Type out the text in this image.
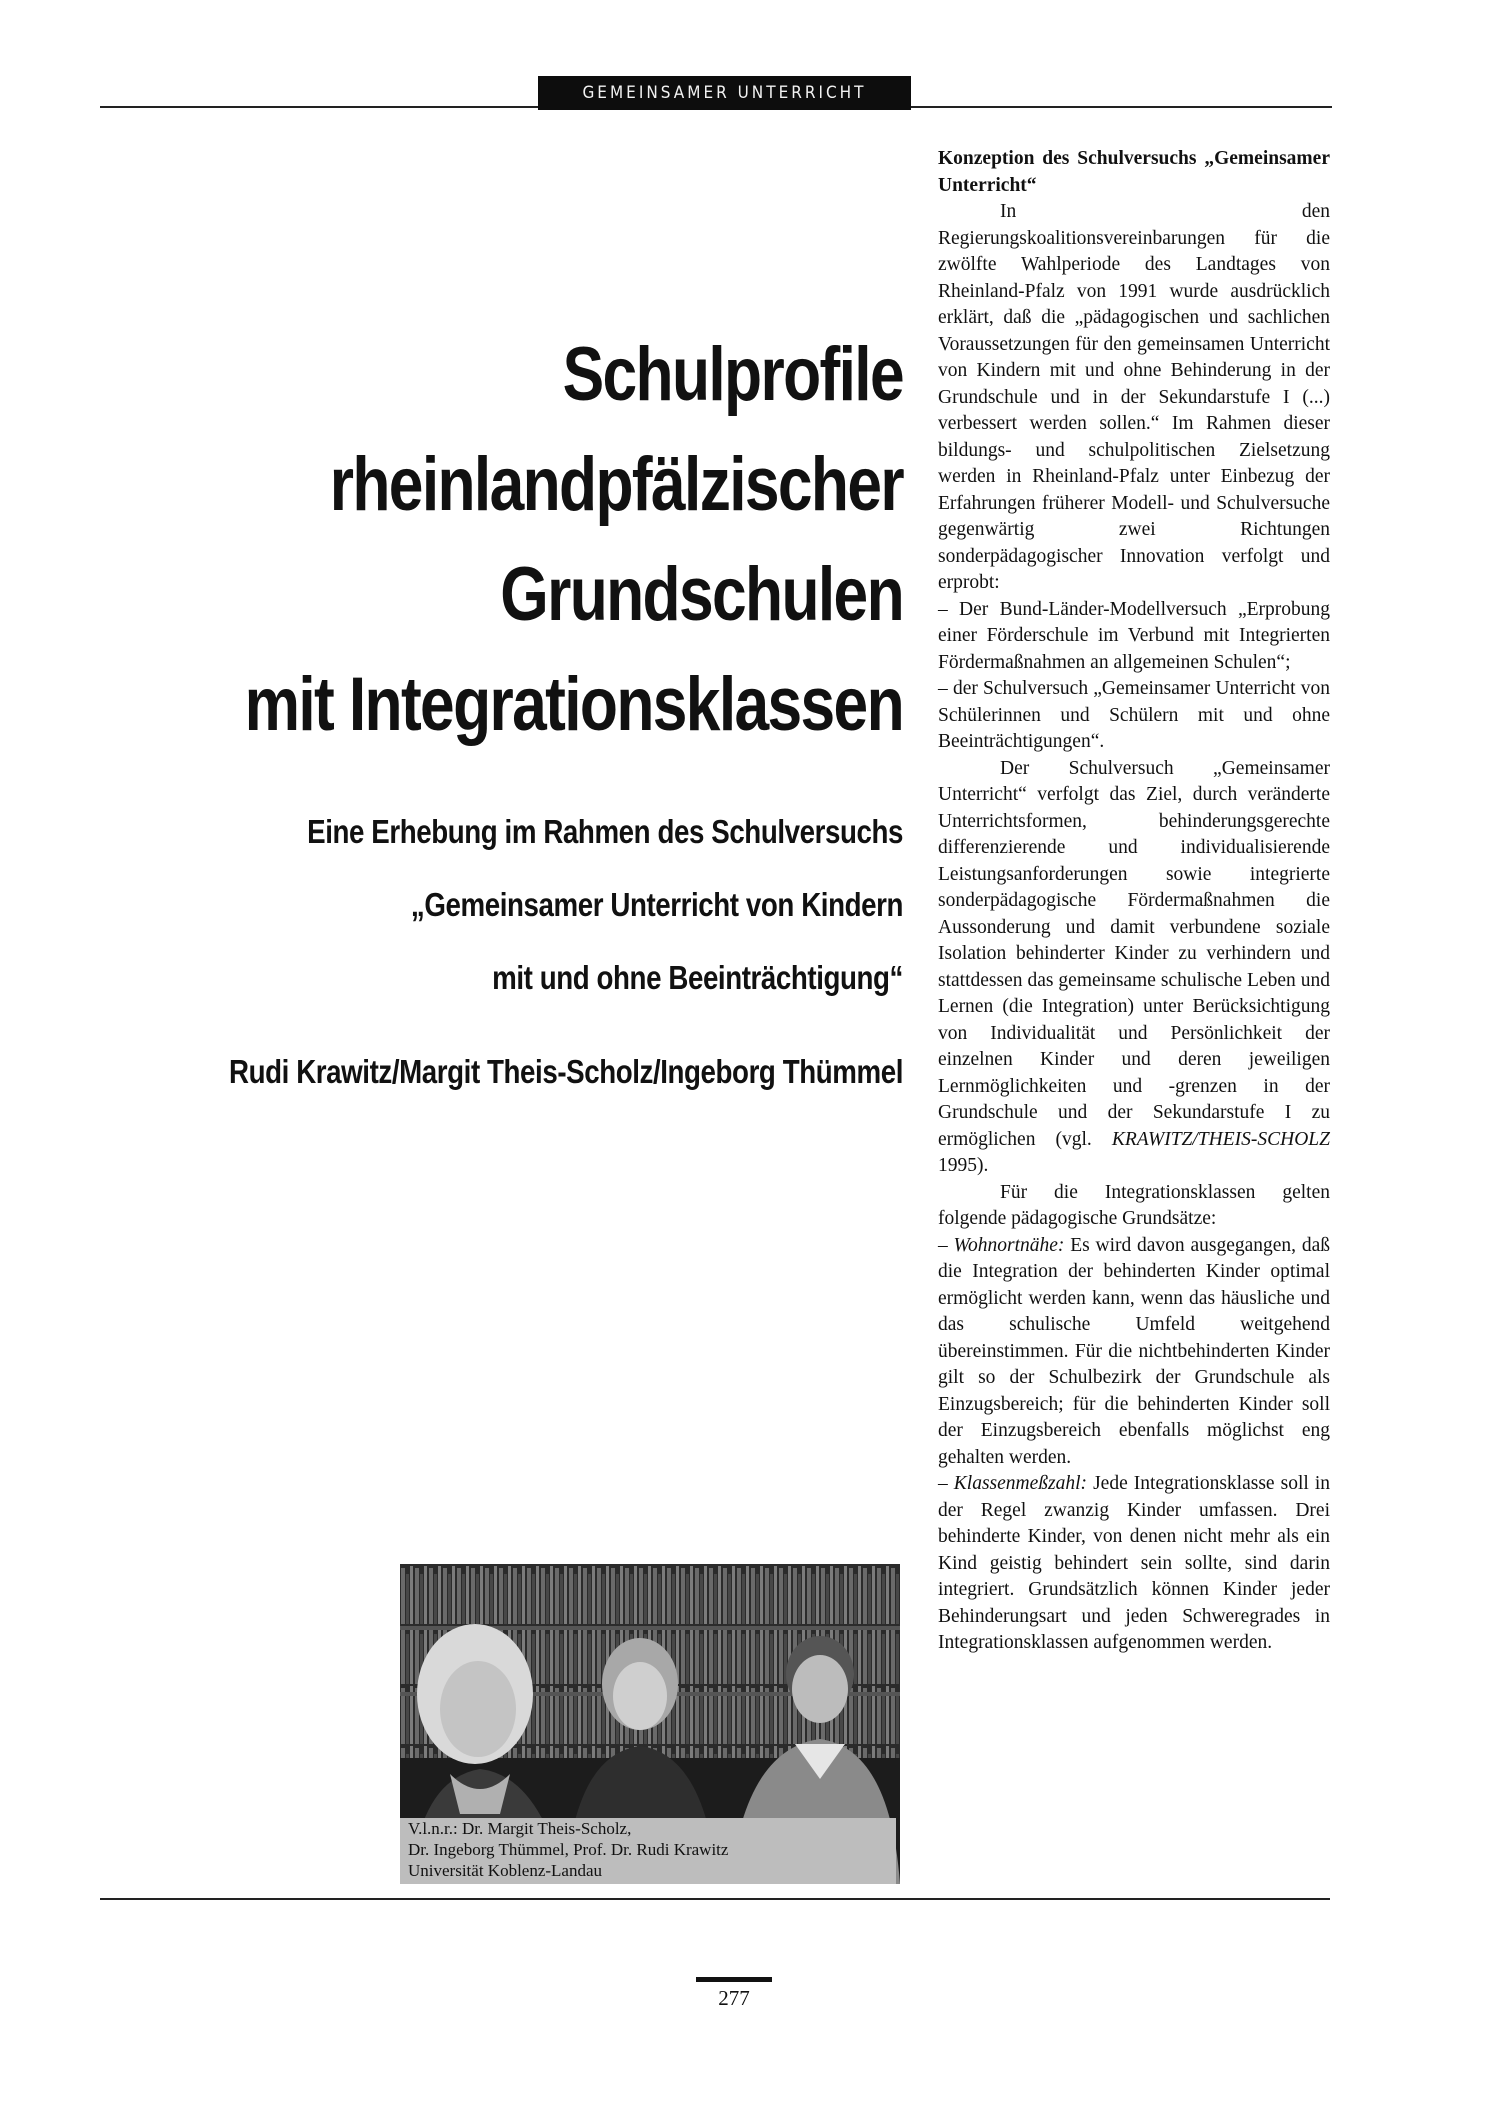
GEMEINSAMER UNTERRICHT
Schulprofile
rheinlandpfälzischer
Grundschulen
mit Integrationsklassen
Eine Erhebung im Rahmen des Schulversuchs
„Gemeinsamer Unterricht von Kindern
mit und ohne Beeinträchtigung“
Rudi Krawitz/Margit Theis-Scholz/Ingeborg Thümmel
V.l.n.r.: Dr. Margit Theis-Scholz,
Dr. Ingeborg Thümmel, Prof. Dr. Rudi Krawitz
Universität Koblenz-Landau

Konzeption des Schulversuchs „Gemeinsamer Unterricht“

In den Regierungskoalitionsvereinbarungen für die zwölfte Wahlperiode des Landtages von Rheinland-Pfalz von 1991 wurde ausdrücklich erklärt, daß die „pädagogischen und sachlichen Voraussetzungen für den gemeinsamen Unterricht von Kindern mit und ohne Behinderung in der Grundschule und in der Sekundarstufe I (...) verbessert werden sollen.“ Im Rahmen dieser bildungs- und schulpolitischen Zielsetzung werden in Rheinland-Pfalz unter Einbezug der Erfahrungen früherer Modell- und Schulversuche gegenwärtig zwei Richtungen sonderpädagogischer Innovation verfolgt und erprobt:

– Der Bund-Länder-Modellversuch „Erprobung einer Förderschule im Verbund mit Integrierten Fördermaßnahmen an allgemeinen Schulen“;

– der Schulversuch „Gemeinsamer Unterricht von Schülerinnen und Schülern mit und ohne Beeinträchtigungen“.

Der Schulversuch „Gemeinsamer Unterricht“ verfolgt das Ziel, durch veränderte Unterrichtsformen, behinderungsgerechte differenzierende und individualisierende Leistungsanforderungen sowie integrierte sonderpädagogische Fördermaßnahmen die Aussonderung und damit verbundene soziale Isolation behinderter Kinder zu verhindern und stattdessen das gemeinsame schulische Leben und Lernen (die Integration) unter Berücksichtigung von Individualität und Persönlichkeit der einzelnen Kinder und deren jeweiligen Lernmöglichkeiten und -grenzen in der Grundschule und der Sekundarstufe I zu ermöglichen (vgl. KRAWITZ/THEIS-SCHOLZ 1995).

Für die Integrationsklassen gelten folgende pädagogische Grundsätze:

– Wohnortnähe: Es wird davon ausgegangen, daß die Integration der behinderten Kinder optimal ermöglicht werden kann, wenn das häusliche und das schulische Umfeld weitgehend übereinstimmen. Für die nichtbehinderten Kinder gilt so der Schulbezirk der Grundschule als Einzugsbereich; für die behinderten Kinder soll der Einzugsbereich ebenfalls möglichst eng gehalten werden.

– Klassenmeßzahl: Jede Integrationsklasse soll in der Regel zwanzig Kinder umfassen. Drei behinderte Kinder, von denen nicht mehr als ein Kind geistig behindert sein sollte, sind darin integriert. Grundsätzlich können Kinder jeder Behinderungsart und jeden Schweregrades in Integrationsklassen aufgenommen werden.

277
